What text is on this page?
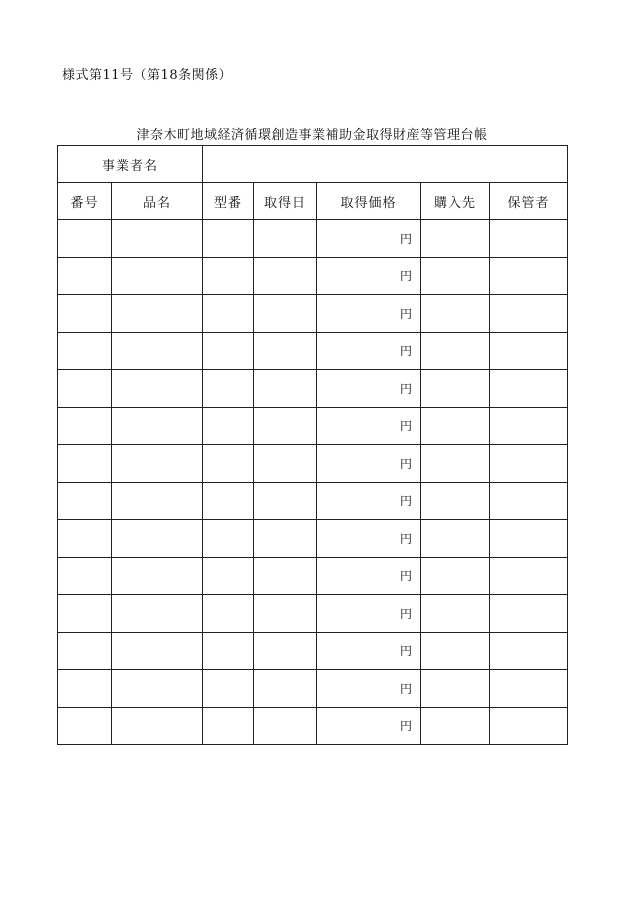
様式第11号（第18条関係）
津奈木町地域経済循環創造事業補助金取得財産等管理台帳
事業者名						
番号	品名	型番	取得日	取得価格	購入先	保管者
				円		
				円		
				円		
				円		
				円		
				円		
				円		
				円		
				円		
				円		
				円		
				円		
				円		
				円		
